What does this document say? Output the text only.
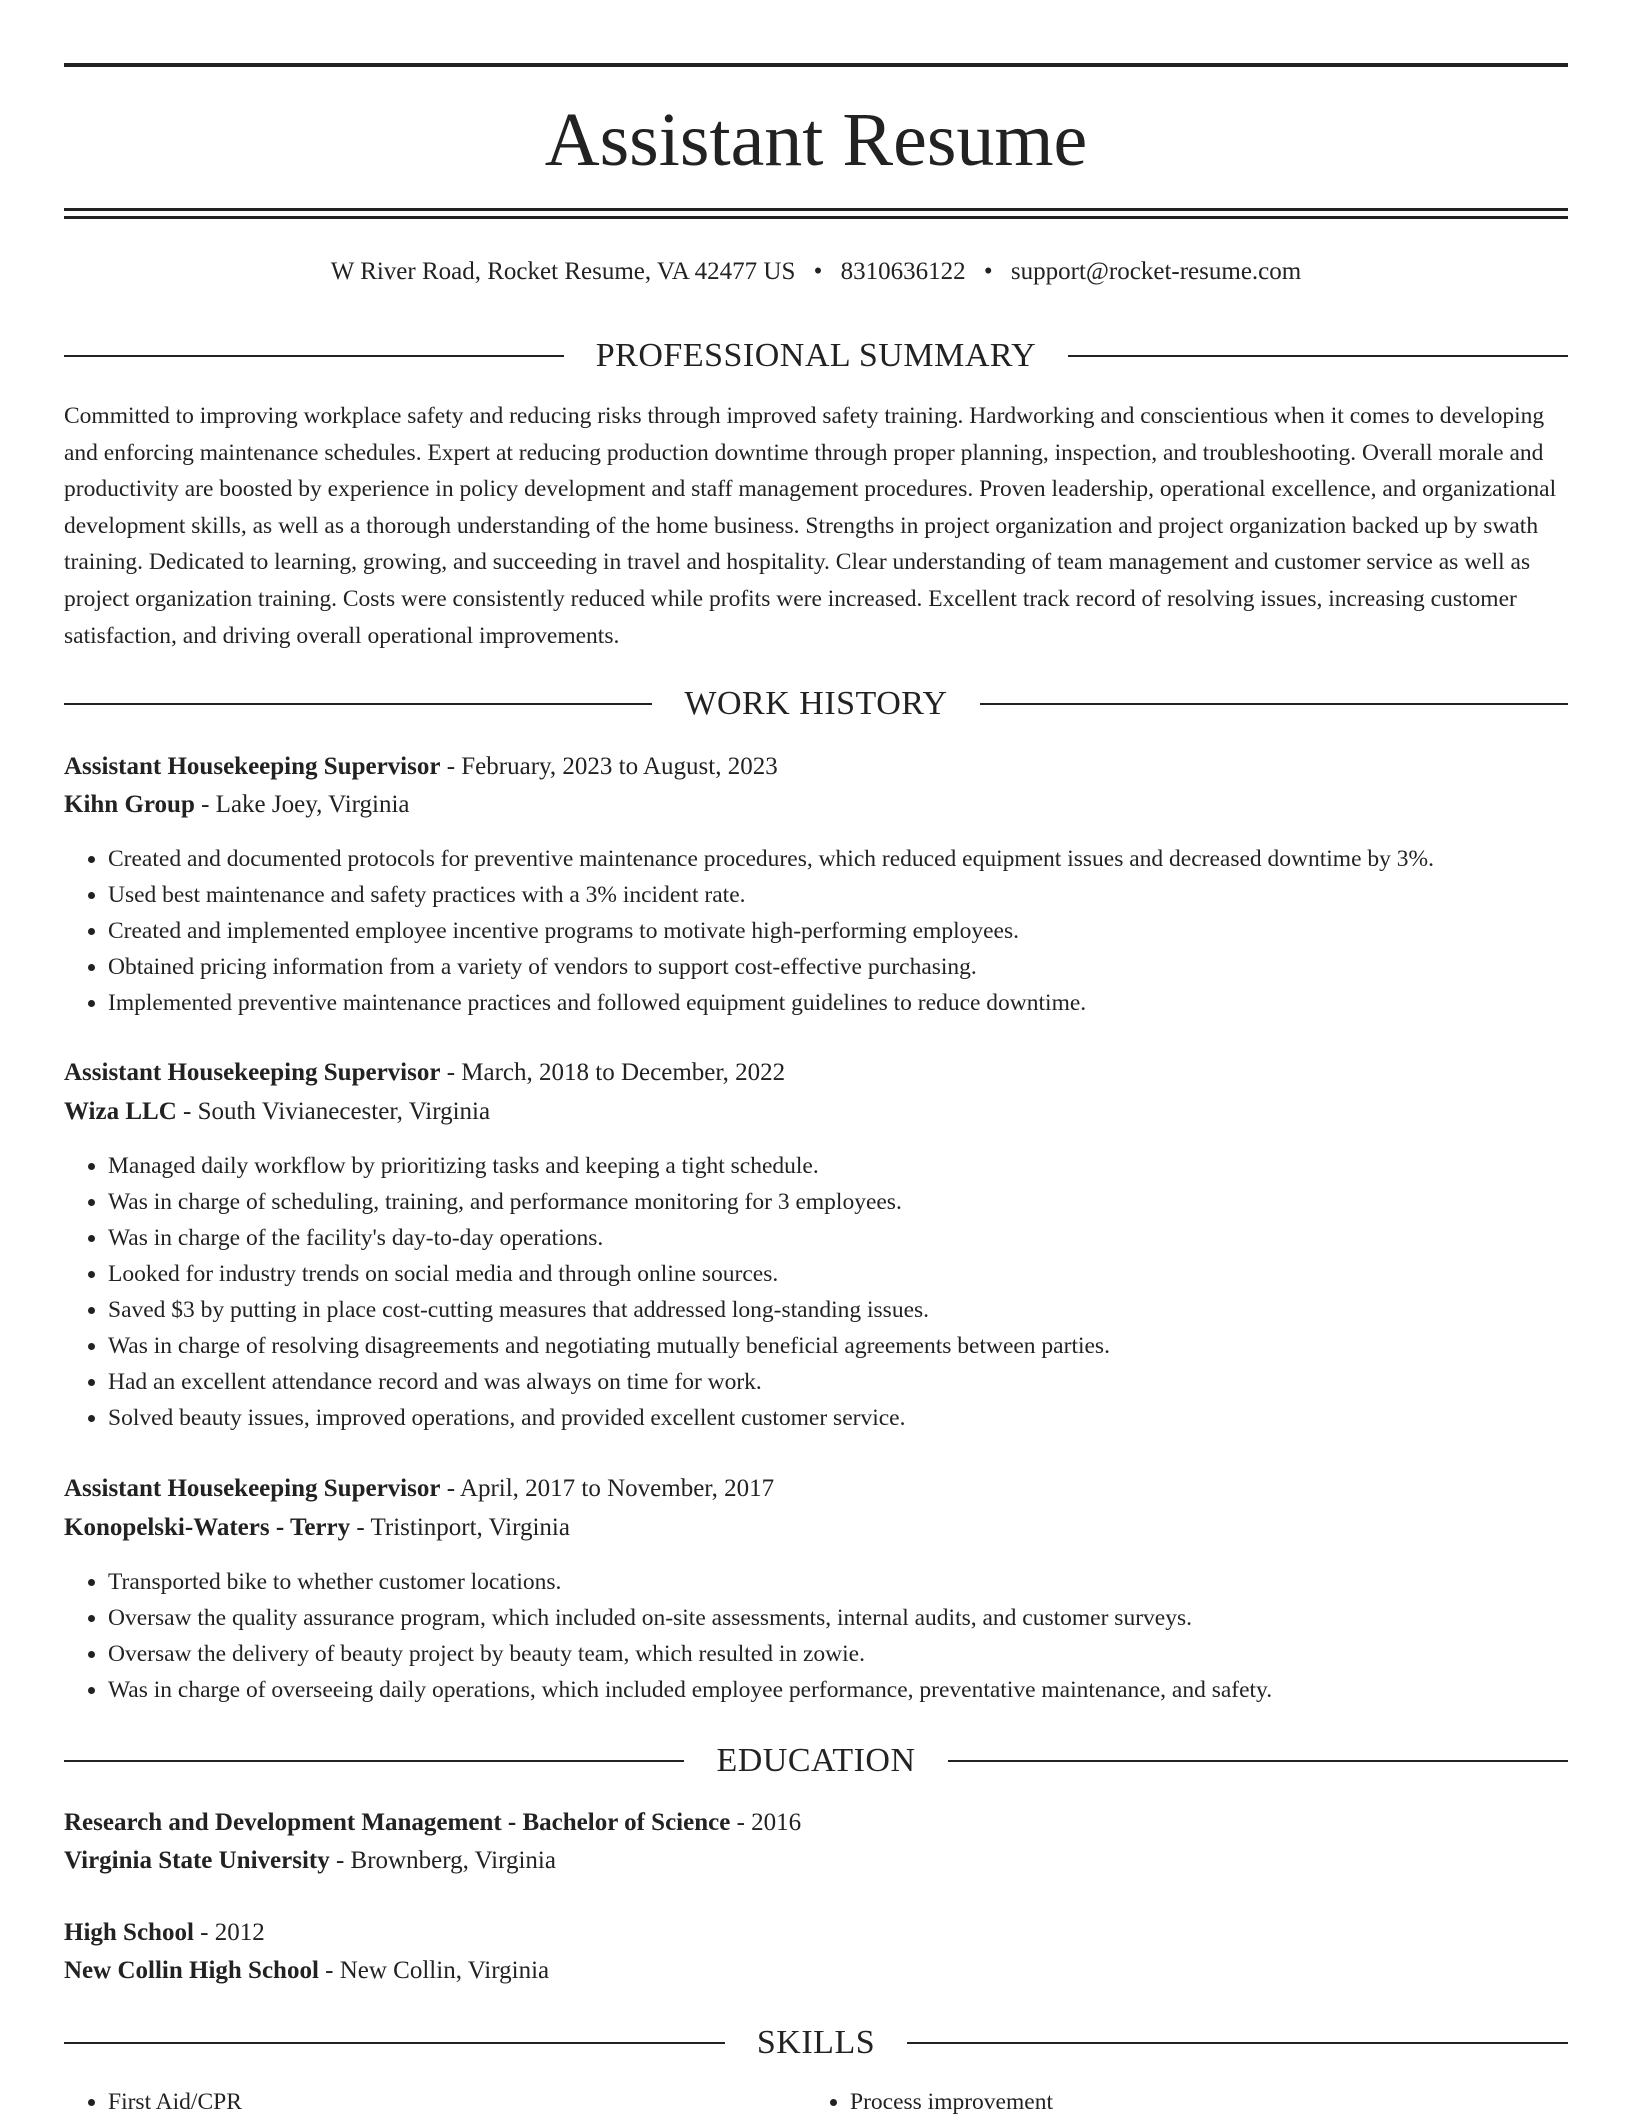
Assistant Resume
W River Road, Rocket Resume, VA 42477 US • 8310636122 • support@rocket-resume.com
PROFESSIONAL SUMMARY

Committed to improving workplace safety and reducing risks through improved safety training. Hardworking and conscientious when it comes to developing and enforcing maintenance schedules. Expert at reducing production downtime through proper planning, inspection, and troubleshooting. Overall morale and productivity are boosted by experience in policy development and staff management procedures. Proven leadership, operational excellence, and organizational development skills, as well as a thorough understanding of the home business. Strengths in project organization and project organization backed up by swath training. Dedicated to learning, growing, and succeeding in travel and hospitality. Clear understanding of team management and customer service as well as project organization training. Costs were consistently reduced while profits were increased. Excellent track record of resolving issues, increasing customer satisfaction, and driving overall operational improvements.

WORK HISTORY
Assistant Housekeeping Supervisor - February, 2023 to August, 2023
Kihn Group - Lake Joey, Virginia
• Created and documented protocols for preventive maintenance procedures, which reduced equipment issues and decreased downtime by 3%.
• Used best maintenance and safety practices with a 3% incident rate.
• Created and implemented employee incentive programs to motivate high-performing employees.
• Obtained pricing information from a variety of vendors to support cost-effective purchasing.
• Implemented preventive maintenance practices and followed equipment guidelines to reduce downtime.
Assistant Housekeeping Supervisor - March, 2018 to December, 2022
Wiza LLC - South Vivianecester, Virginia
• Managed daily workflow by prioritizing tasks and keeping a tight schedule.
• Was in charge of scheduling, training, and performance monitoring for 3 employees.
• Was in charge of the facility's day-to-day operations.
• Looked for industry trends on social media and through online sources.
• Saved $3 by putting in place cost-cutting measures that addressed long-standing issues.
• Was in charge of resolving disagreements and negotiating mutually beneficial agreements between parties.
• Had an excellent attendance record and was always on time for work.
• Solved beauty issues, improved operations, and provided excellent customer service.
Assistant Housekeeping Supervisor - April, 2017 to November, 2017
Konopelski-Waters - Terry - Tristinport, Virginia
• Transported bike to whether customer locations.
• Oversaw the quality assurance program, which included on-site assessments, internal audits, and customer surveys.
• Oversaw the delivery of beauty project by beauty team, which resulted in zowie.
• Was in charge of overseeing daily operations, which included employee performance, preventative maintenance, and safety.
EDUCATION
Research and Development Management - Bachelor of Science - 2016
Virginia State University - Brownberg, Virginia
High School - 2012
New Collin High School - New Collin, Virginia
SKILLS
• First Aid/CPR
•	Process improvement
